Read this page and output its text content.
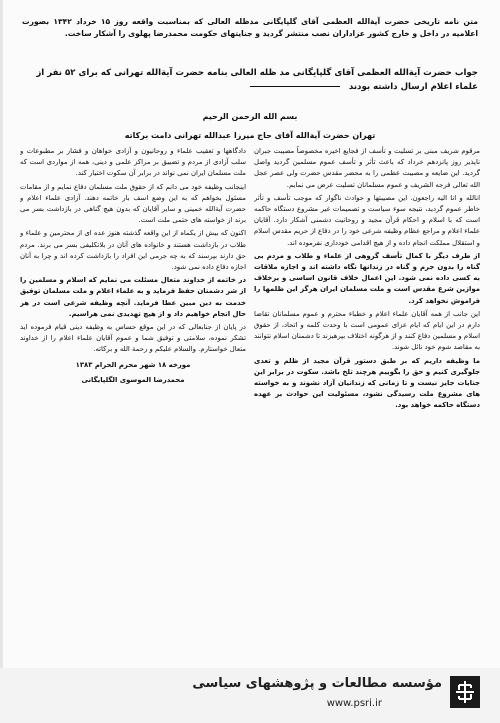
متن نامه تاریخی حضرت آیةالله العظمی آقای گلپایگانی مدظله العالی که بمناسبت واقعه روز ۱۵ خرداد ۱۳۴۲ بصورت اعلامیه در داخل و خارج کشور عزاداران نصب منتشر گردید و جنایتهای حکومت محمدرضا پهلوی را آشکار ساخت.
جواب حضرت آیةالله العظمی آقای گلپایگانی مد ظله العالی بنامه حضرت آیةالله تهرانی که برای ۵۲ نفر از علماء اعلام ارسال داشته بودند
بسم الله الرحمن الرحیم
تهران حضرت آیةالله آقای حاج میرزا عبدالله تهرانی دامت برکاته

مرقوم شریف مبنی بر تسلیت و تأسف از فجایع اخیره مخصوصاً مصیبت جبران ناپذیر روز پانزدهم خرداد که باعث تأثر و تأسف عموم مسلمین گردید واصل گردید. این ضایعه و مصیبت عظمی را به محضر مقدس حضرت ولی عصر عجل الله تعالی فرجه الشریف و عموم مسلمانان تسلیت عرض می نمایم.

انالله و انا الیه راجعون. این مصیبتها و حوادث ناگوار که موجب تأسف و تأثر خاطر عموم گردید، نتیجه سوء سیاست و تصمیمات غیر مشروع دستگاه حاکمه است که با اسلام و احکام قرآن مجید و روحانیت دشمنی آشکار دارد. آقایان علماء اعلام و مراجع عظام وظیفه شرعی خود را در دفاع از حریم مقدس اسلام و استقلال مملکت انجام داده و از هیچ اقدامی خودداری نفرموده اند.

از طرف دیگر با کمال تأسف گروهی از علماء و طلاب و مردم بی گناه را بدون جرم و گناه در زندانها نگاه داشته اند و اجازه ملاقات به کسی داده نمی شود. این اعمال خلاف قانون اساسی و برخلاف موازین شرع مقدس است و ملت مسلمان ایران هرگز این ظلمها را فراموش نخواهد کرد.

این جانب از همه آقایان علماء اعلام و خطباء محترم و عموم مسلمانان تقاضا دارم در این ایام که ایام عزای عمومی است با وحدت کلمه و اتحاد، از حقوق اسلام و مسلمین دفاع کنند و از هرگونه اختلاف بپرهیزند تا دشمنان اسلام نتوانند به مقاصد شوم خود نائل شوند.

ما وظیفه داریم که بر طبق دستور قرآن مجید از ظلم و تعدی جلوگیری کنیم و حق را بگوییم هرچند تلخ باشد. سکوت در برابر این جنایات جایز نیست و تا زمانی که زندانیان آزاد نشوند و به خواسته های مشروع ملت رسیدگی نشود، مسئولیت این حوادث بر عهده دستگاه حاکمه خواهد بود.

دادگاهها و تعقیب علماء و روحانیون و آزادی خواهان و فشار بر مطبوعات و سلب آزادی از مردم و تضییق بر مراکز علمی و دینی، همه از مواردی است که ملت مسلمان ایران نمی تواند در برابر آن سکوت اختیار کند.

اینجانب وظیفه خود می دانم که از حقوق ملت مسلمان دفاع نمایم و از مقامات مسئول بخواهم که به این وضع اسف بار خاتمه دهند. آزادی علماء اعلام و حضرت آیةالله خمینی و سایر آقایان که بدون هیچ گناهی در بازداشت بسر می برند از خواسته های حتمی ملت است.

اکنون که بیش از یکماه از این واقعه گذشته هنوز عده ای از محترمین و علماء و طلاب در بازداشت هستند و خانواده های آنان در بلاتکلیفی بسر می برند. مردم حق دارند بپرسند که به چه جرمی این افراد را بازداشت کرده اند و چرا به آنان اجازه دفاع داده نمی شود.

در خاتمه از خداوند متعال مسئلت می نمایم که اسلام و مسلمین را از شر دشمنان حفظ فرماید و به علماء اعلام و ملت مسلمان توفیق خدمت به دین مبین عطا فرماید. آنچه وظیفه شرعی است در هر حال انجام خواهیم داد و از هیچ تهدیدی نمی هراسیم.

در پایان از جنابعالی که در این موقع حساس به وظیفه دینی قیام فرموده اید تشکر نموده، سلامتی و توفیق شما و عموم آقایان علماء اعلام را از خداوند متعال خواستارم. والسلام علیکم و رحمة الله و برکاته.

مورخه ۱۸ شهر محرم الحرام ۱۳۸۳
محمدرضا الموسوی الگلپایگانی
مؤسسه مطالعات و پژوهشهای سیاسی
www.psri.ir
